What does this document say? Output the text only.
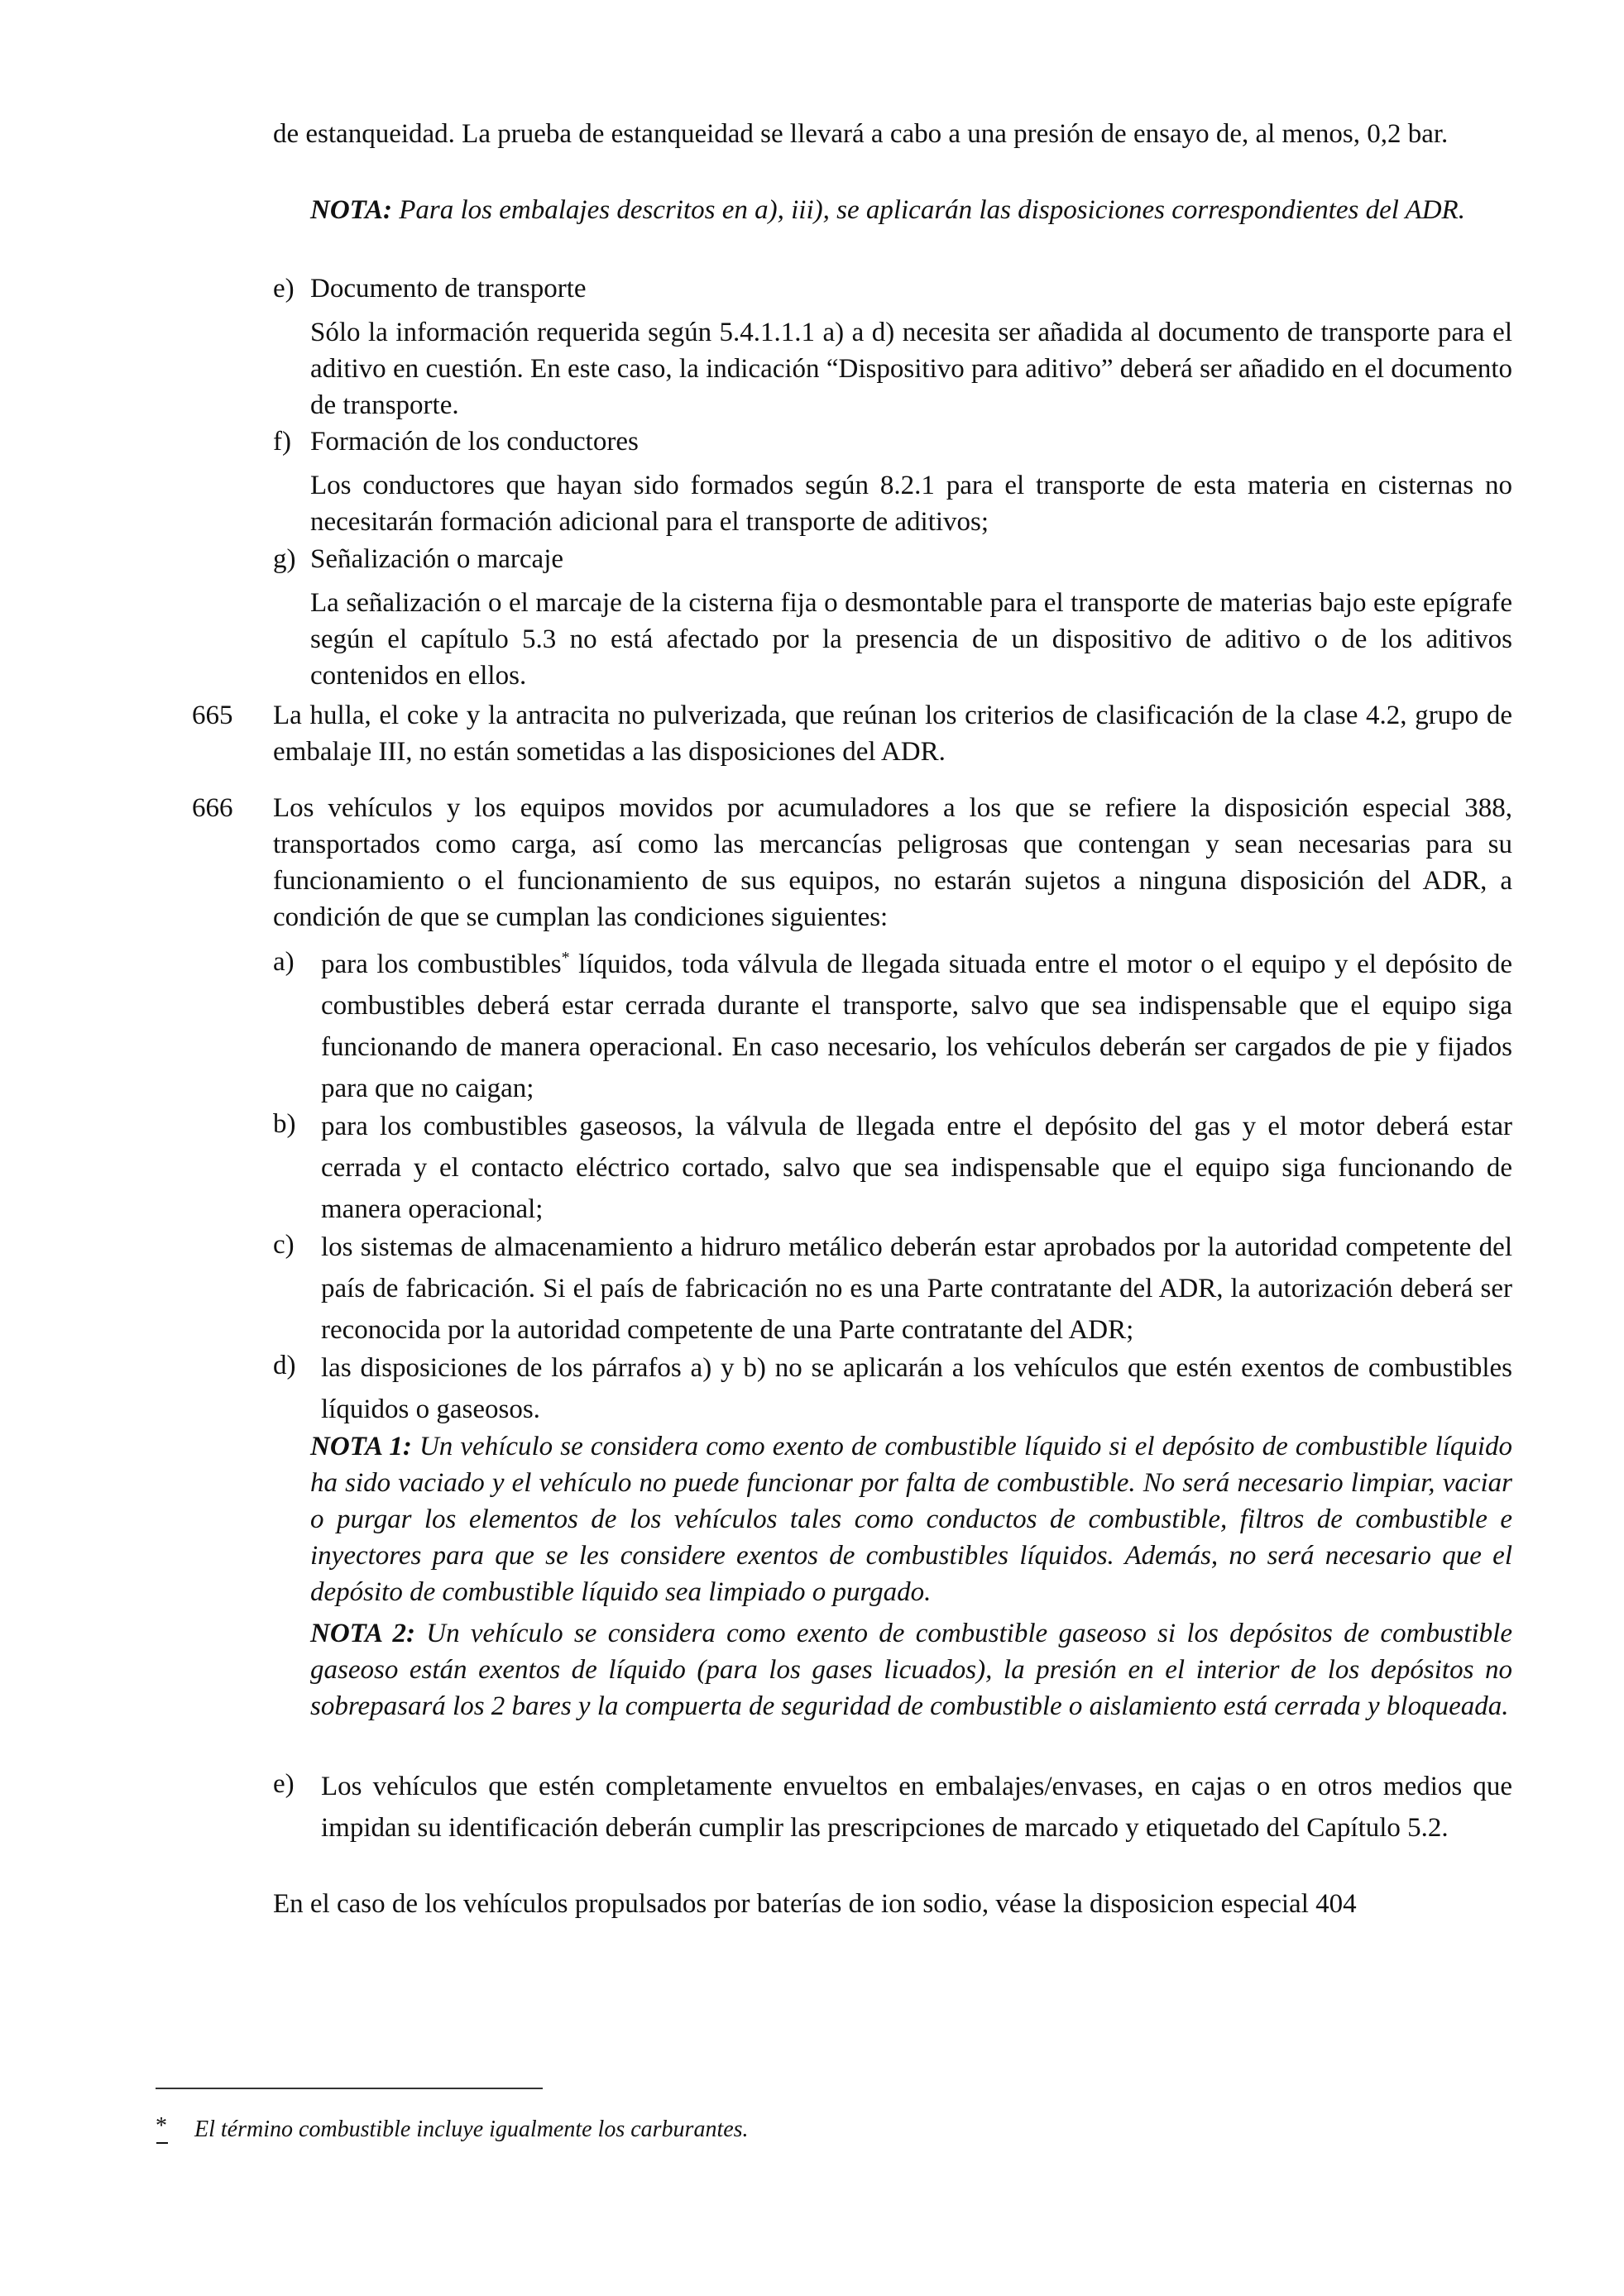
de estanqueidad. La prueba de estanqueidad se llevará a cabo a una presión de ensayo de, al menos, 0,2 bar.

NOTA: Para los embalajes descritos en a), iii), se aplicarán las disposiciones correspondientes del ADR.

e) Documento de transporte

Sólo la información requerida según 5.4.1.1.1 a) a d) necesita ser añadida al documento de transporte para el aditivo en cuestión. En este caso, la indicación “Dispositivo para aditivo” deberá ser añadido en el documento de transporte.

f) Formación de los conductores

Los conductores que hayan sido formados según 8.2.1 para el transporte de esta materia en cisternas no necesitarán formación adicional para el transporte de aditivos;

g) Señalización o marcaje

La señalización o el marcaje de la cisterna fija o desmontable para el transporte de materias bajo este epígrafe según el capítulo 5.3 no está afectado por la presencia de un dispositivo de aditivo o de los aditivos contenidos en ellos.

665 La hulla, el coke y la antracita no pulverizada, que reúnan los criterios de clasificación de la clase 4.2, grupo de embalaje III, no están sometidas a las disposiciones del ADR.

666 Los vehículos y los equipos movidos por acumuladores a los que se refiere la disposición especial 388, transportados como carga, así como las mercancías peligrosas que contengan y sean necesarias para su funcionamiento o el funcionamiento de sus equipos, no estarán sujetos a ninguna disposición del ADR, a condición de que se cumplan las condiciones siguientes:

a) para los combustibles* líquidos, toda válvula de llegada situada entre el motor o el equipo y el depósito de combustibles deberá estar cerrada durante el transporte, salvo que sea indispensable que el equipo siga funcionando de manera operacional. En caso necesario, los vehículos deberán ser cargados de pie y fijados para que no caigan;

b) para los combustibles gaseosos, la válvula de llegada entre el depósito del gas y el motor deberá estar cerrada y el contacto eléctrico cortado, salvo que sea indispensable que el equipo siga funcionando de manera operacional;

c) los sistemas de almacenamiento a hidruro metálico deberán estar aprobados por la autoridad competente del país de fabricación. Si el país de fabricación no es una Parte contratante del ADR, la autorización deberá ser reconocida por la autoridad competente de una Parte contratante del ADR;

d) las disposiciones de los párrafos a) y b) no se aplicarán a los vehículos que estén exentos de combustibles líquidos o gaseosos.

NOTA 1: Un vehículo se considera como exento de combustible líquido si el depósito de combustible líquido ha sido vaciado y el vehículo no puede funcionar por falta de combustible. No será necesario limpiar, vaciar o purgar los elementos de los vehículos tales como conductos de combustible, filtros de combustible e inyectores para que se les considere exentos de combustibles líquidos. Además, no será necesario que el depósito de combustible líquido sea limpiado o purgado.

NOTA 2: Un vehículo se considera como exento de combustible gaseoso si los depósitos de combustible gaseoso están exentos de líquido (para los gases licuados), la presión en el interior de los depósitos no sobrepasará los 2 bares y la compuerta de seguridad de combustible o aislamiento está cerrada y bloqueada.

e) Los vehículos que estén completamente envueltos en embalajes/envases, en cajas o en otros medios que impidan su identificación deberán cumplir las prescripciones de marcado y etiquetado del Capítulo 5.2.

En el caso de los vehículos propulsados por baterías de ion sodio, véase la disposicion especial 404

* El término combustible incluye igualmente los carburantes.
